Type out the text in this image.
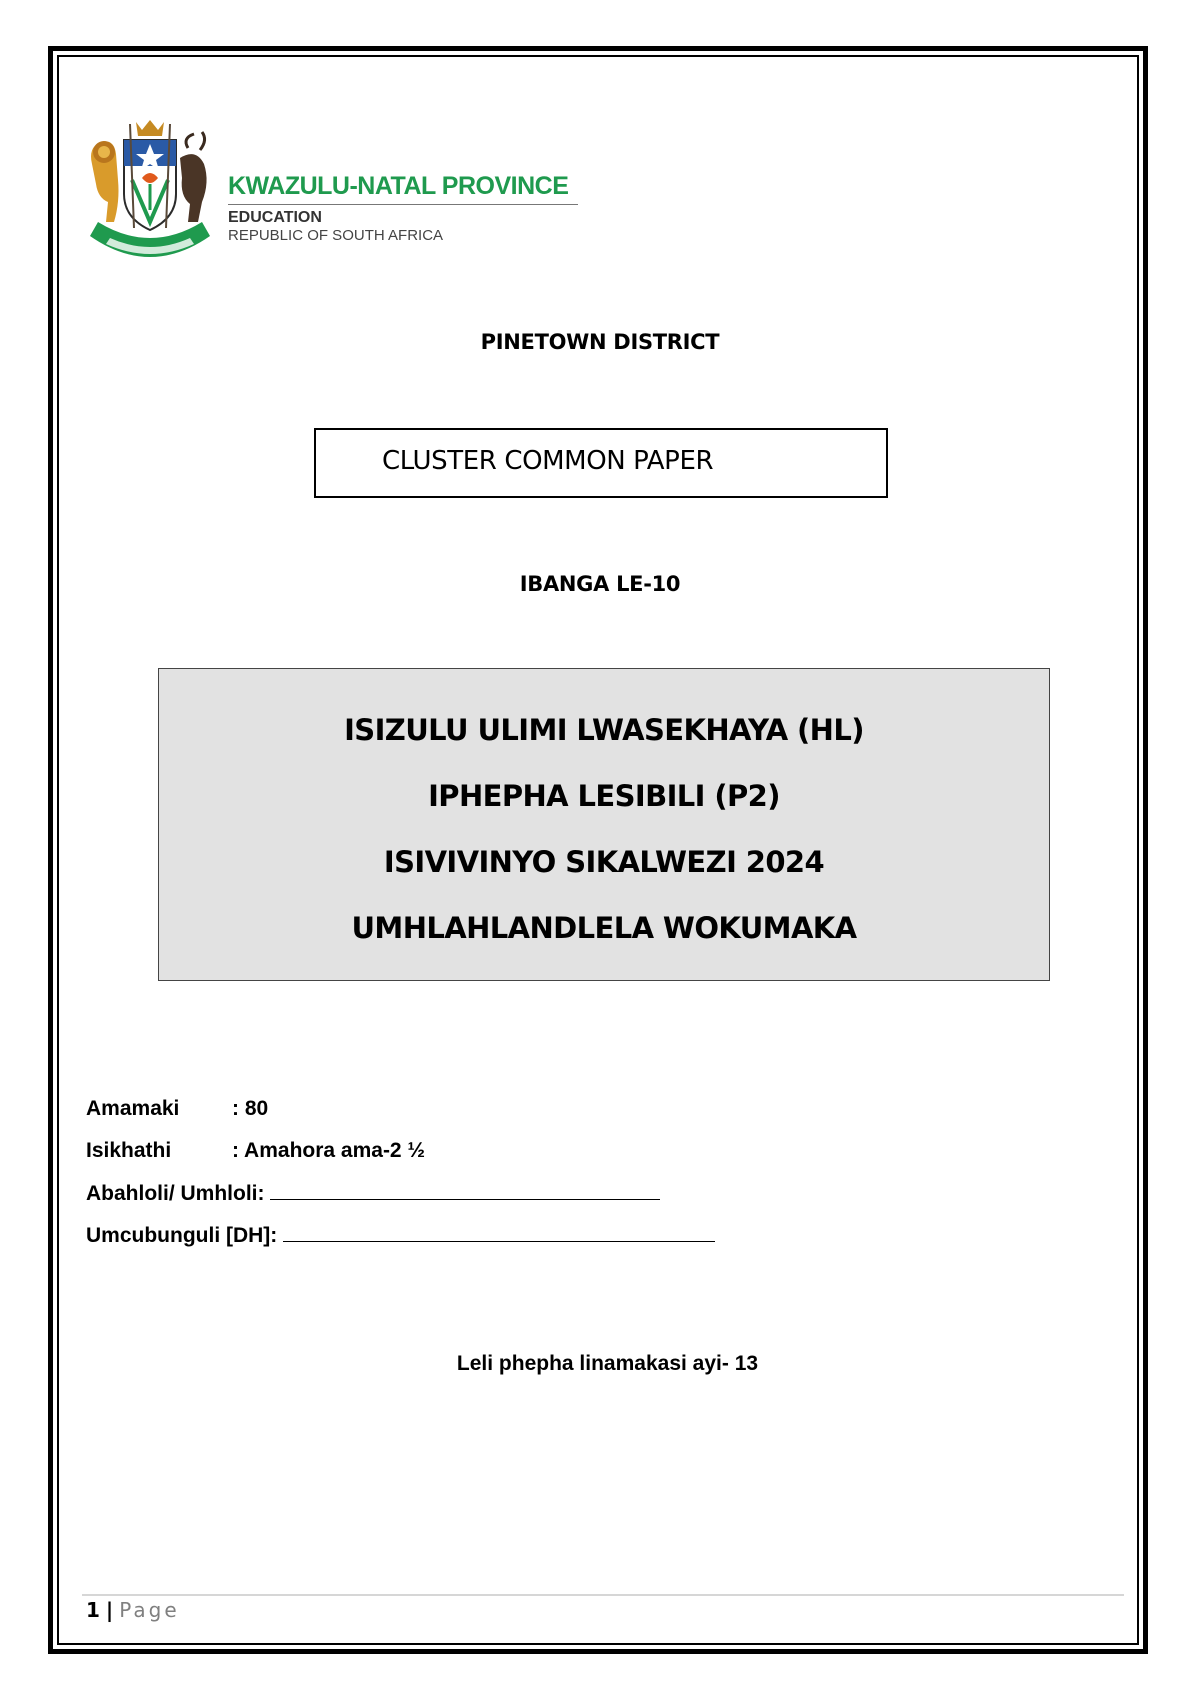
KWAZULU-NATAL PROVINCE
EDUCATION
REPUBLIC OF SOUTH AFRICA
PINETOWN DISTRICT
CLUSTER COMMON PAPER
IBANGA LE-10
ISIZULU ULIMI LWASEKHAYA (HL)
IPHEPHA LESIBILI (P2)
ISIVIVINYO SIKALWEZI 2024
UMHLAHLANDLELA WOKUMAKA
Amamaki	: 80
Isikhathi	: Amahora ama-2 ½
Abahloli/ Umhloli:
Umcubunguli [DH]:
Leli phepha linamakasi ayi- 13
1 | Page
